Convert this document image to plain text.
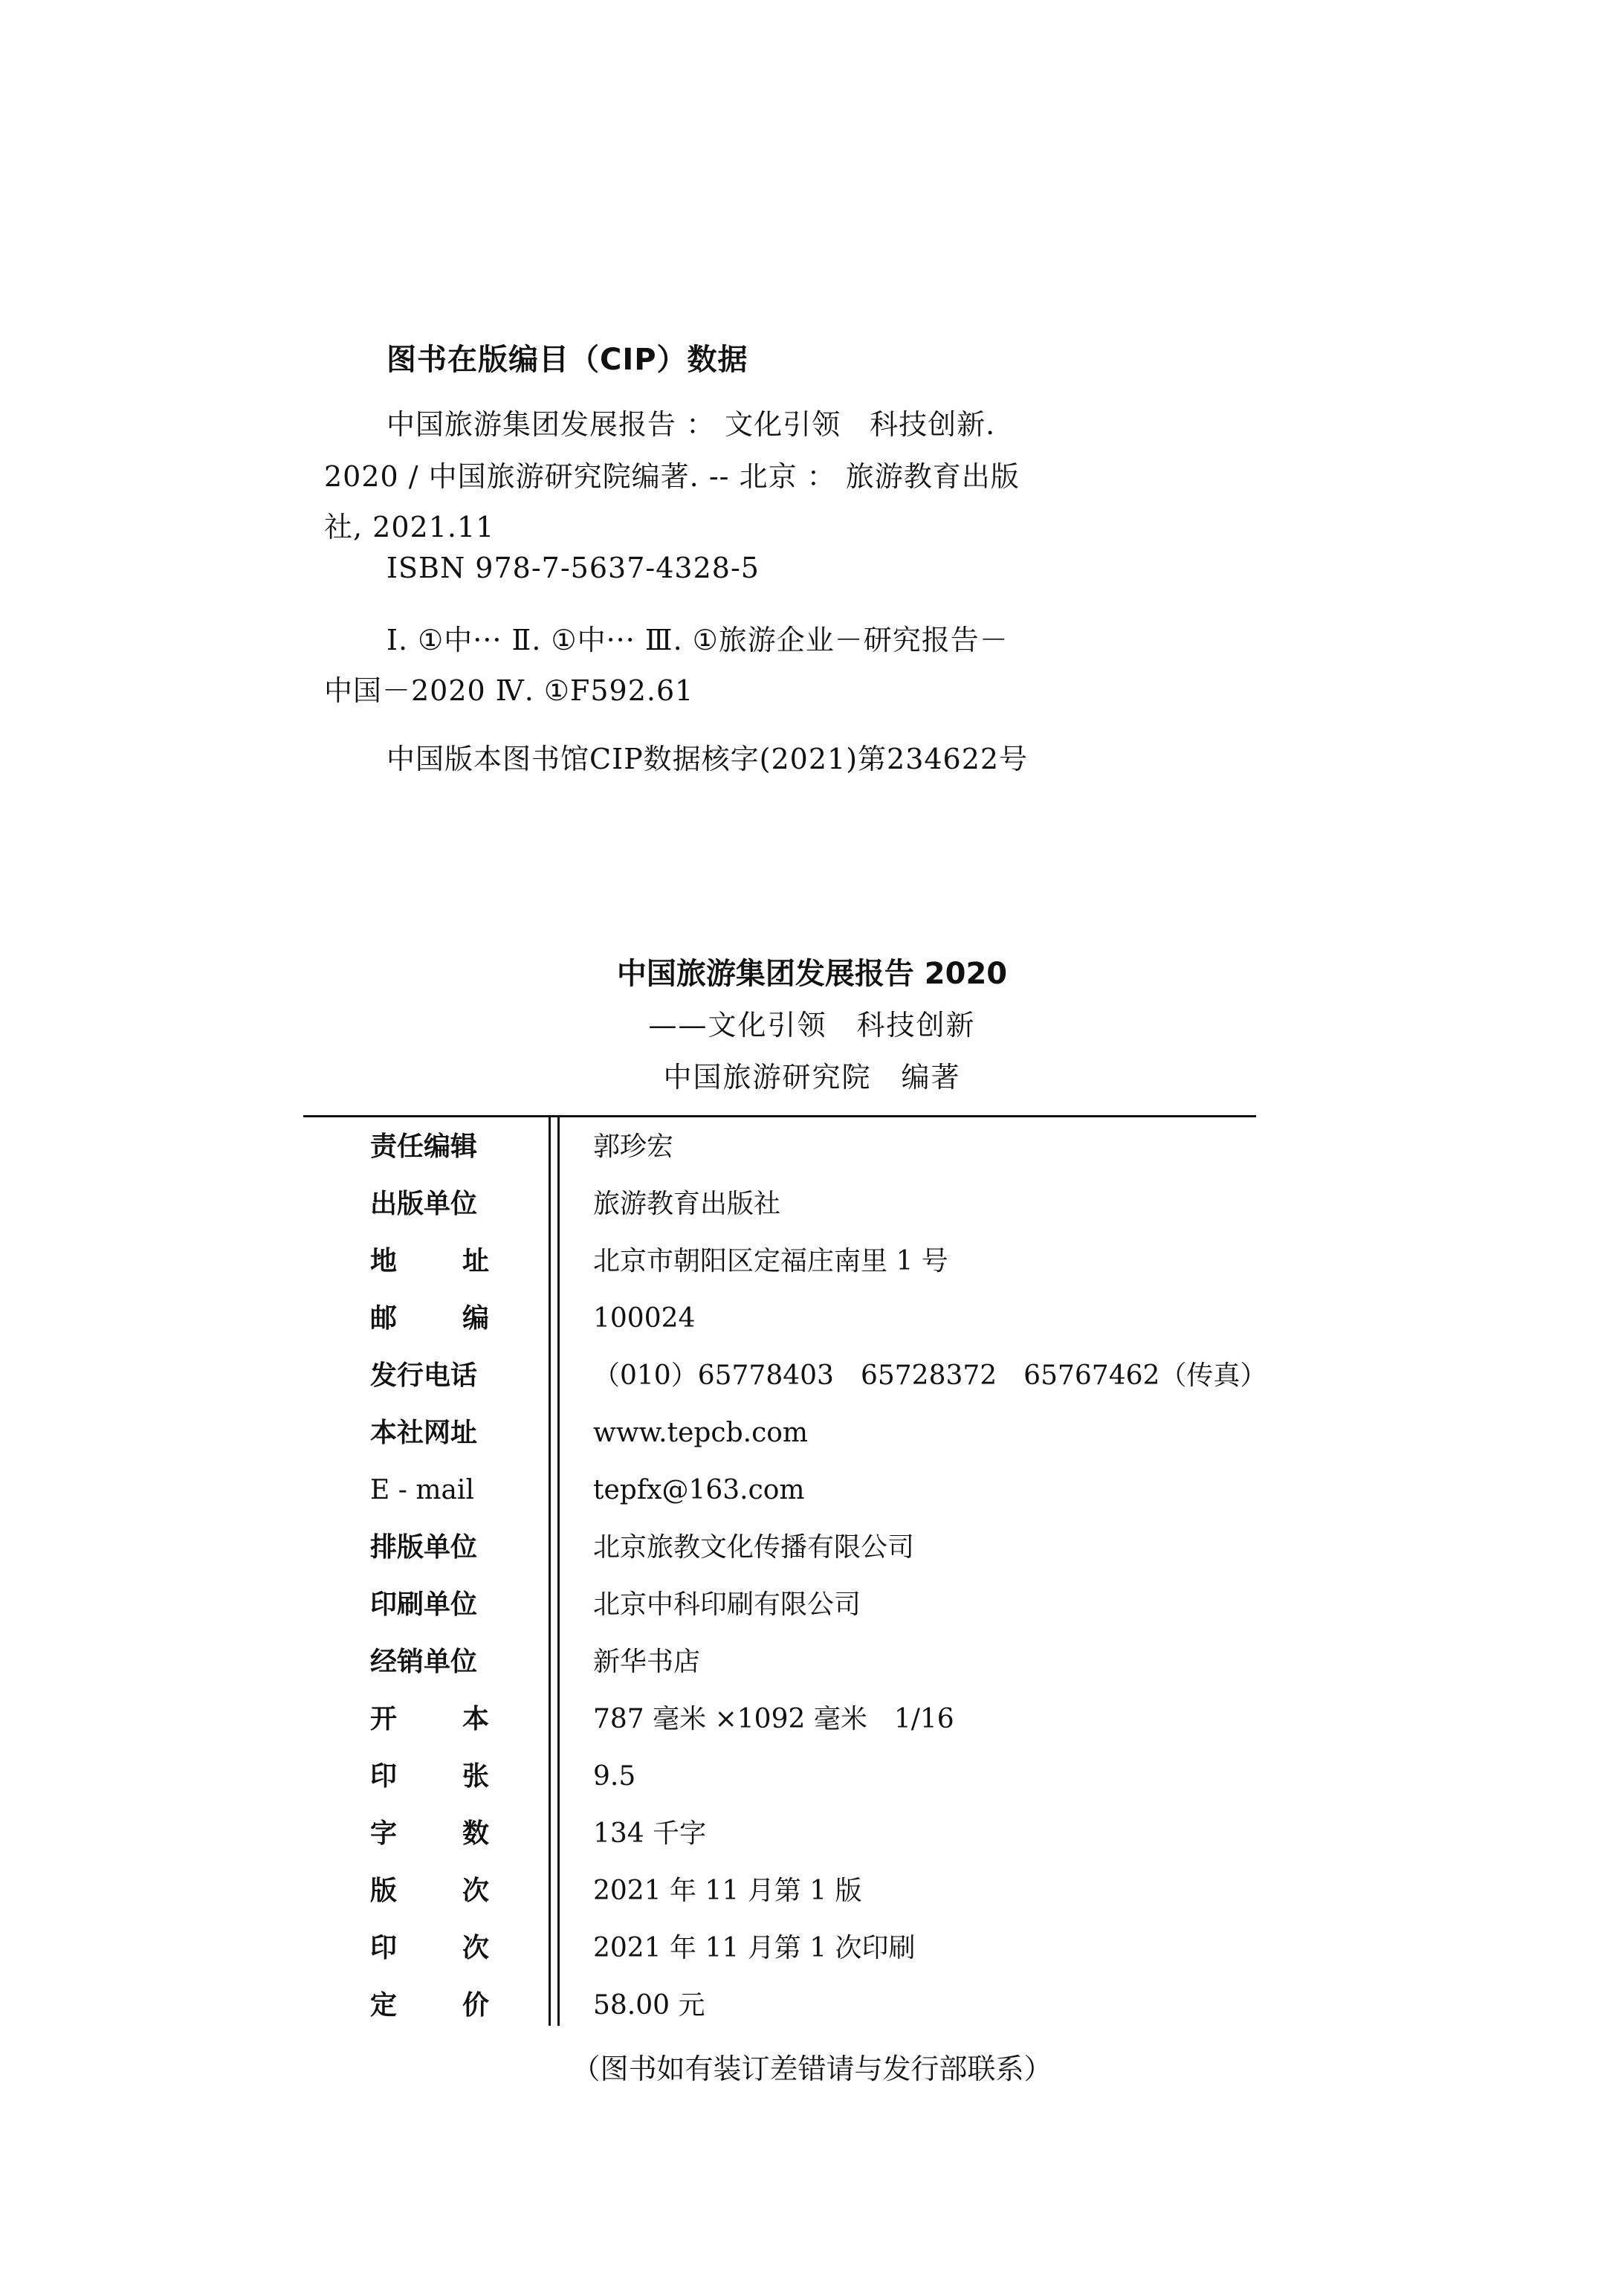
图书在版编目（CIP）数据
中国旅游集团发展报告 ： 文化引领　科技创新.
2020 / 中国旅游研究院编著. -- 北京 ： 旅游教育出版
社, 2021.11
ISBN 978-7-5637-4328-5
Ⅰ. ①中··· Ⅱ. ①中··· Ⅲ. ①旅游企业－研究报告－
中国－2020 Ⅳ. ①F592.61
中国版本图书馆CIP数据核字(2021)第234622号
中国旅游集团发展报告 2020
——文化引领　科技创新
中国旅游研究院　编著
责任编辑	郭珍宏
出版单位	旅游教育出版社
地 址	北京市朝阳区定福庄南里 1 号
邮 编	100024
发行电话	（010）65778403　65728372　65767462（传真）
本社网址	www.tepcb.com
E - mail	tepfx@163.com
排版单位	北京旅教文化传播有限公司
印刷单位	北京中科印刷有限公司
经销单位	新华书店
开 本	787 毫米 ×1092 毫米　1/16
印 张	9.5
字 数	134 千字
版 次	2021 年 11 月第 1 版
印 次	2021 年 11 月第 1 次印刷
定 价	58.00 元
（图书如有装订差错请与发行部联系）
